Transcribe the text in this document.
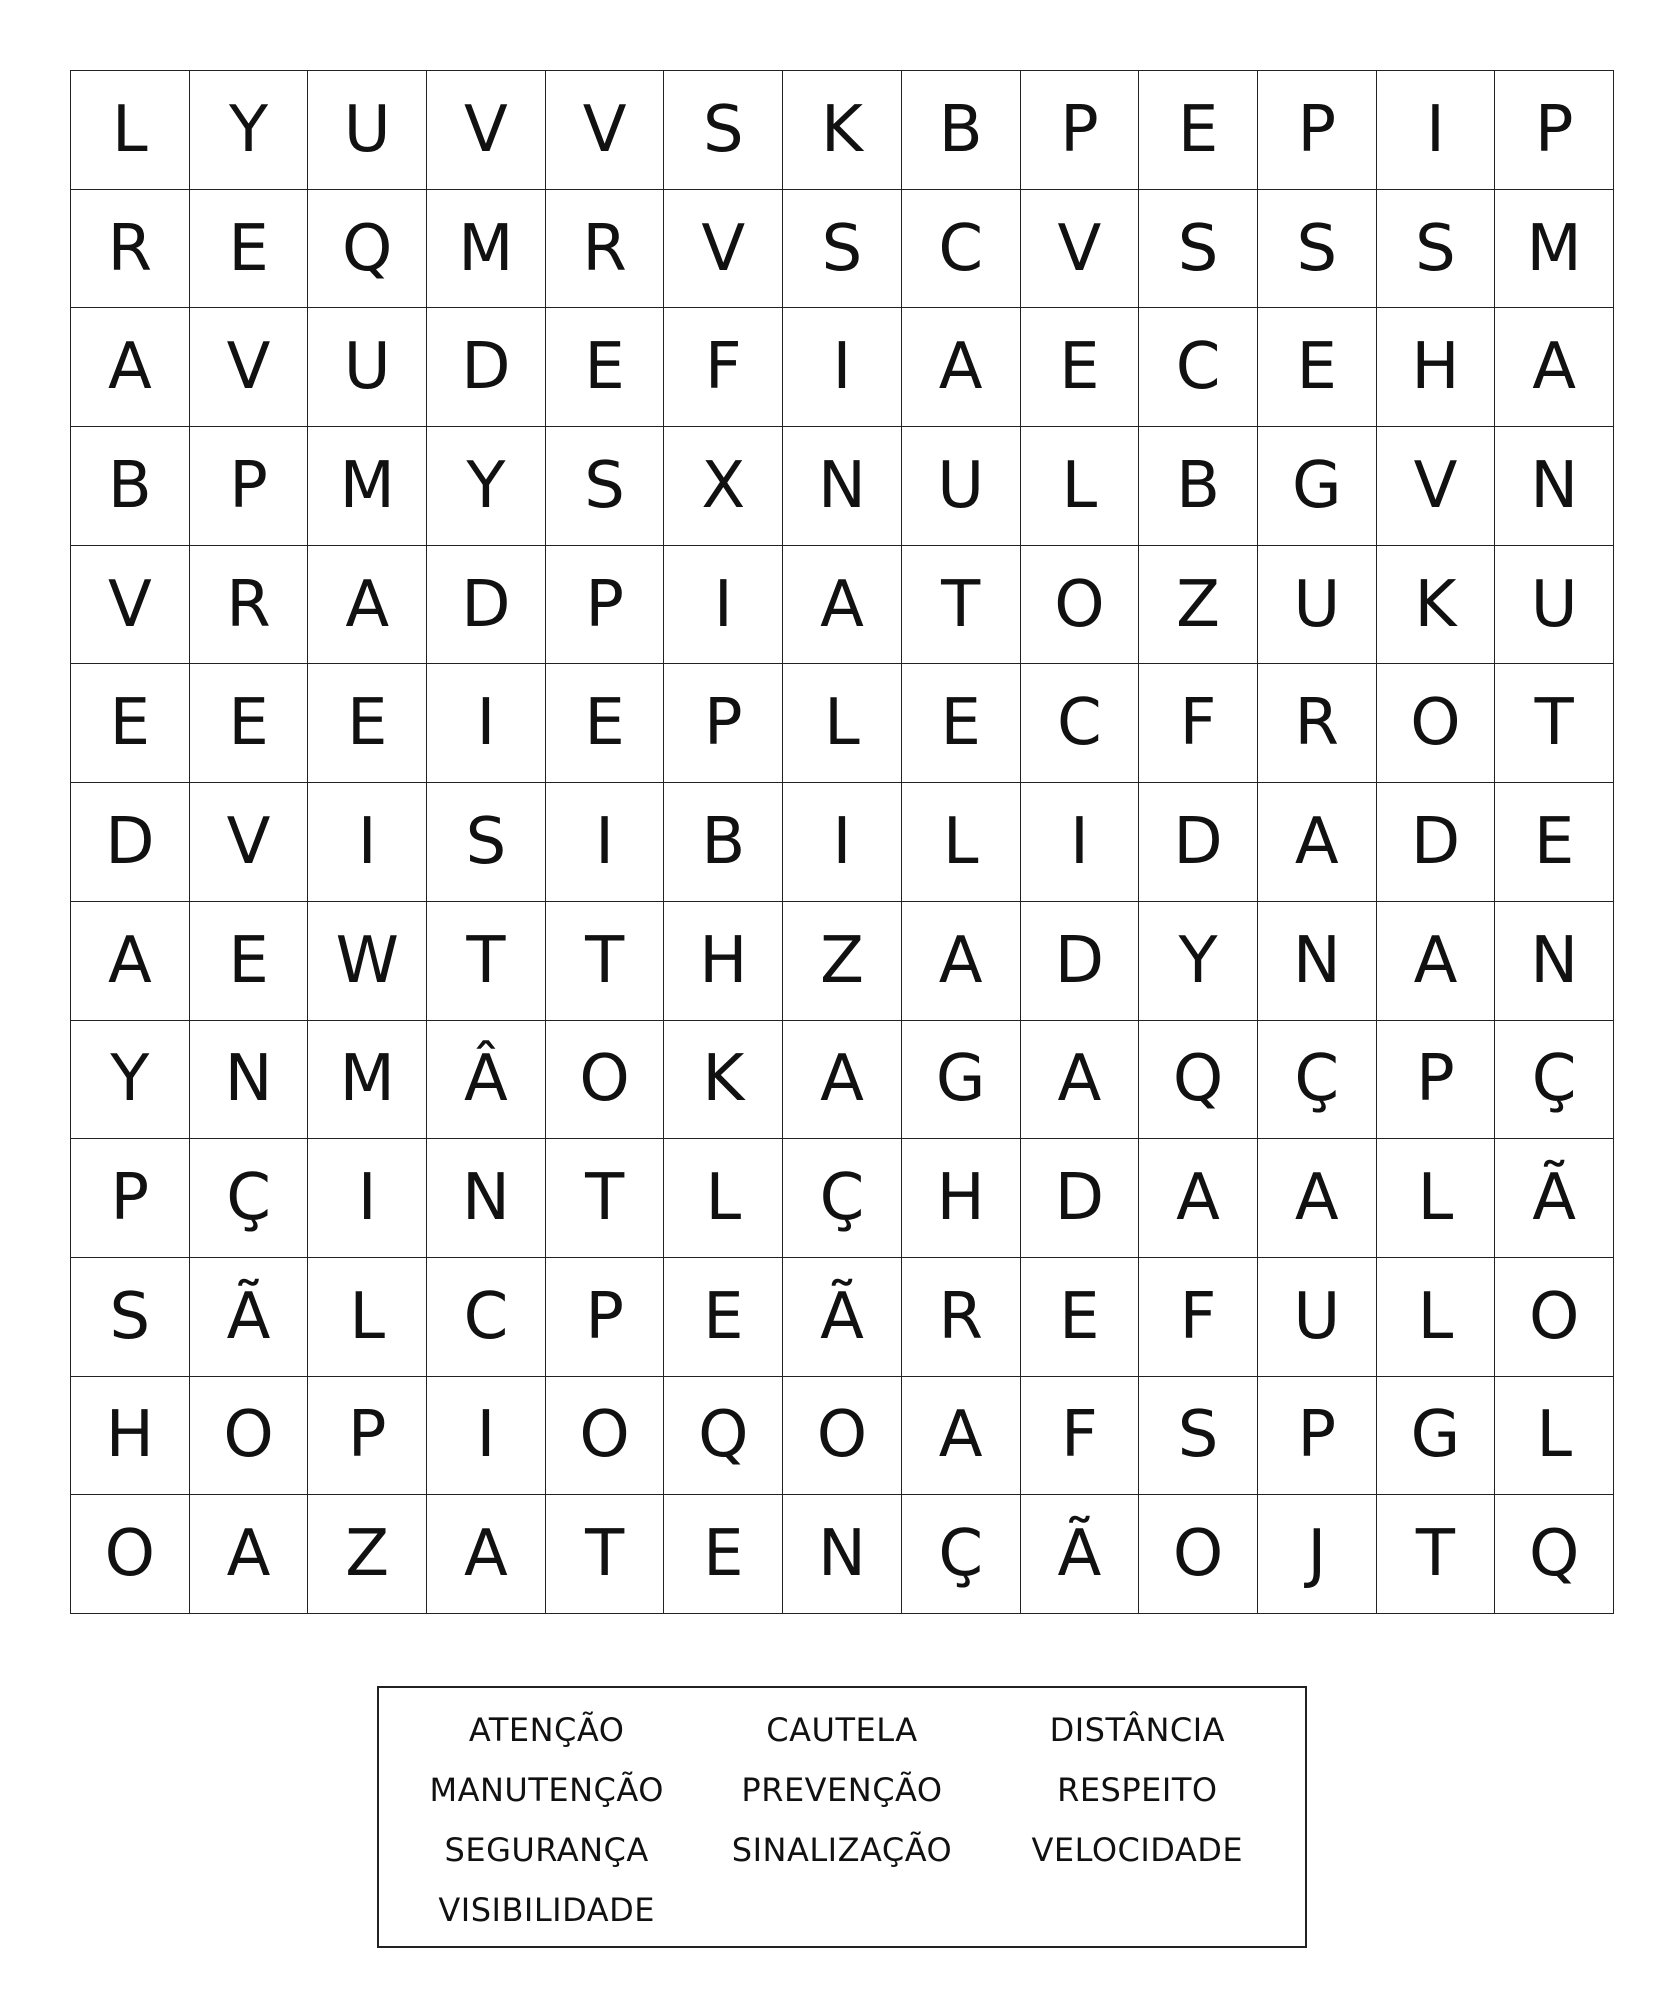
L	Y	U	V	V	S	K	B	P	E	P	I	P
R	E	Q	M	R	V	S	C	V	S	S	S	M
A	V	U	D	E	F	I	A	E	C	E	H	A
B	P	M	Y	S	X	N	U	L	B	G	V	N
V	R	A	D	P	I	A	T	O	Z	U	K	U
E	E	E	I	E	P	L	E	C	F	R	O	T
D	V	I	S	I	B	I	L	I	D	A	D	E
A	E	W	T	T	H	Z	A	D	Y	N	A	N
Y	N	M	Â	O	K	A	G	A	Q	Ç	P	Ç
P	Ç	I	N	T	L	Ç	H	D	A	A	L	Ã
S	Ã	L	C	P	E	Ã	R	E	F	U	L	O
H	O	P	I	O	Q	O	A	F	S	P	G	L
O	A	Z	A	T	E	N	Ç	Ã	O	J	T	Q
ATENÇÃO
MANUTENÇÃO
SEGURANÇA
VISIBILIDADE
CAUTELA
PREVENÇÃO
SINALIZAÇÃO
DISTÂNCIA
RESPEITO
VELOCIDADE
